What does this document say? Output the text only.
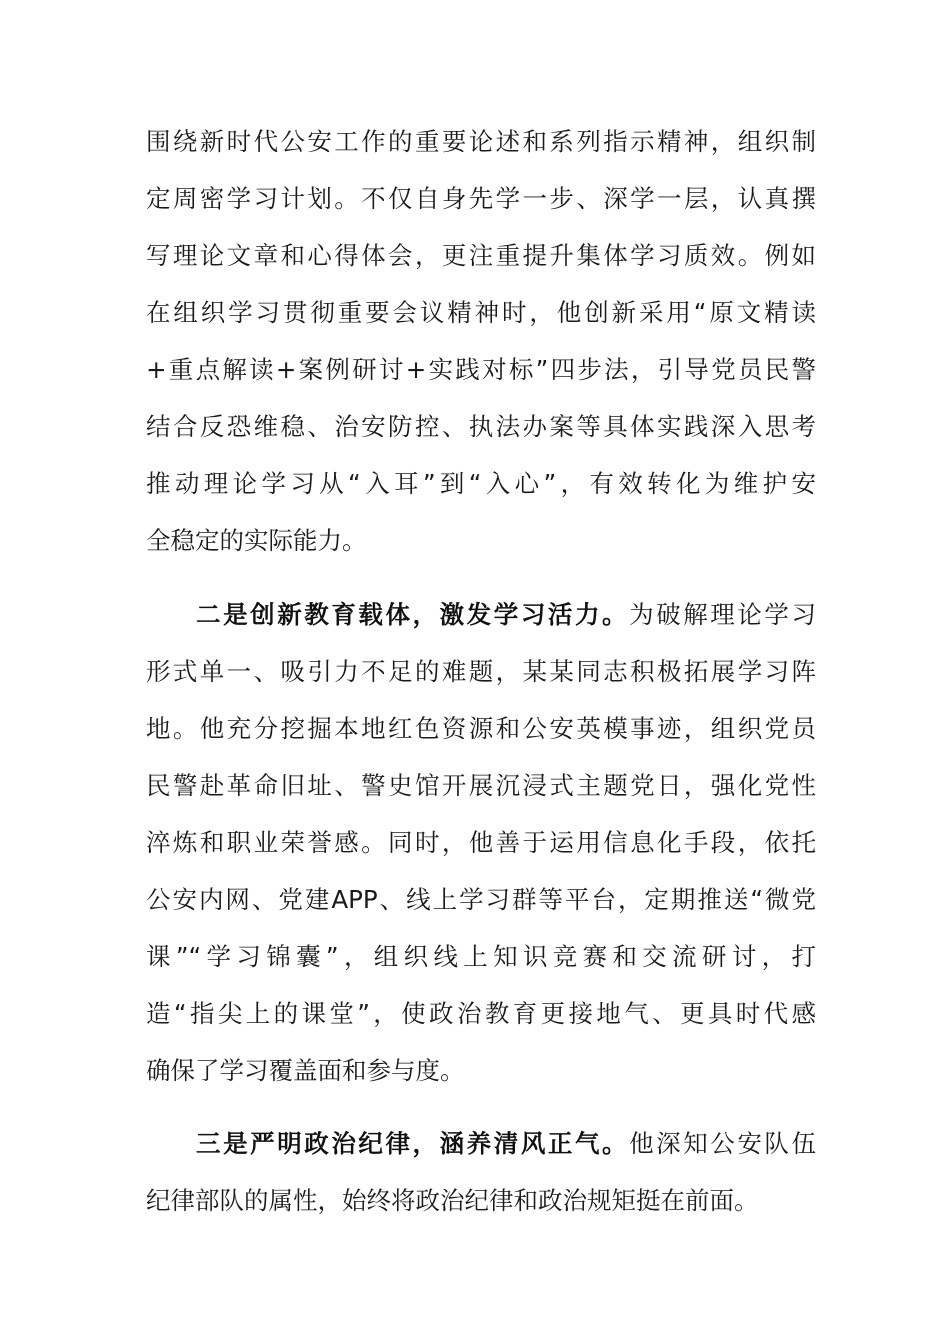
围绕新时代公安工作的重要论述和系列指示精神，组织制
定周密学习计划。不仅自身先学一步、深学一层，认真撰
写理论文章和心得体会，更注重提升集体学习质效。例如
在组织学习贯彻重要会议精神时，他创新采用“原文精读
+重点解读+案例研讨+实践对标”四步法，引导党员民警
结合反恐维稳、治安防控、执法办案等具体实践深入思考
推动理论学习从“入耳”到“入心”，有效转化为维护安
全稳定的实际能力。
二是创新教育载体，激发学习活力。为破解理论学习
形式单一、吸引力不足的难题，某某同志积极拓展学习阵
地。他充分挖掘本地红色资源和公安英模事迹，组织党员
民警赴革命旧址、警史馆开展沉浸式主题党日，强化党性
淬炼和职业荣誉感。同时，他善于运用信息化手段，依托
公安内网、党建APP、线上学习群等平台，定期推送“微党
课”“学习锦囊”，组织线上知识竞赛和交流研讨，打
造“指尖上的课堂”，使政治教育更接地气、更具时代感
确保了学习覆盖面和参与度。
三是严明政治纪律，涵养清风正气。他深知公安队伍
纪律部队的属性，始终将政治纪律和政治规矩挺在前面。
